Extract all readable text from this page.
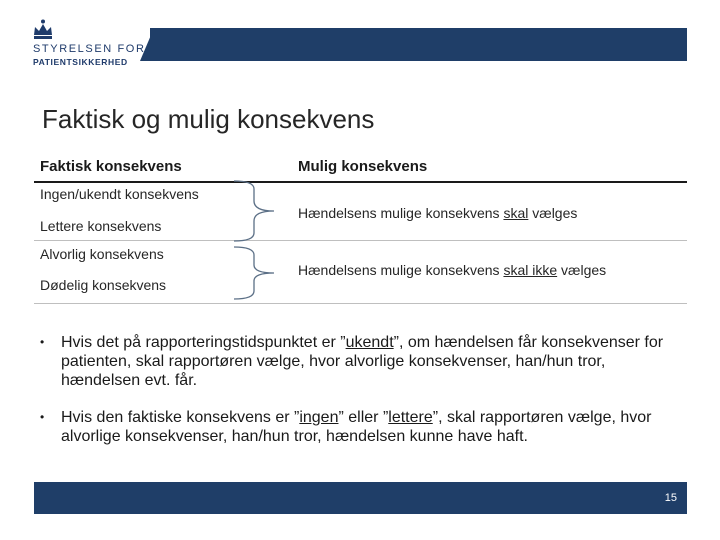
STYRELSEN FOR
PATIENTSIKKERHED
Faktisk og mulig konsekvens
Faktisk konsekvens	Mulig konsekvens
Ingen/ukendt konsekvens
Lettere konsekvens
Hændelsens mulige konsekvens skal vælges
Alvorlig konsekvens
Dødelig konsekvens
Hændelsens mulige konsekvens skal ikke vælges
• Hvis det på rapporteringstidspunktet er ”ukendt”, om hændelsen får konsekvenser for patienten, skal rapportøren vælge, hvor alvorlige konsekvenser, han/hun tror, hændelsen evt. får.
• Hvis den faktiske konsekvens er ”ingen” eller ”lettere”, skal rapportøren vælge, hvor alvorlige konsekvenser, han/hun tror, hændelsen kunne have haft.
15
